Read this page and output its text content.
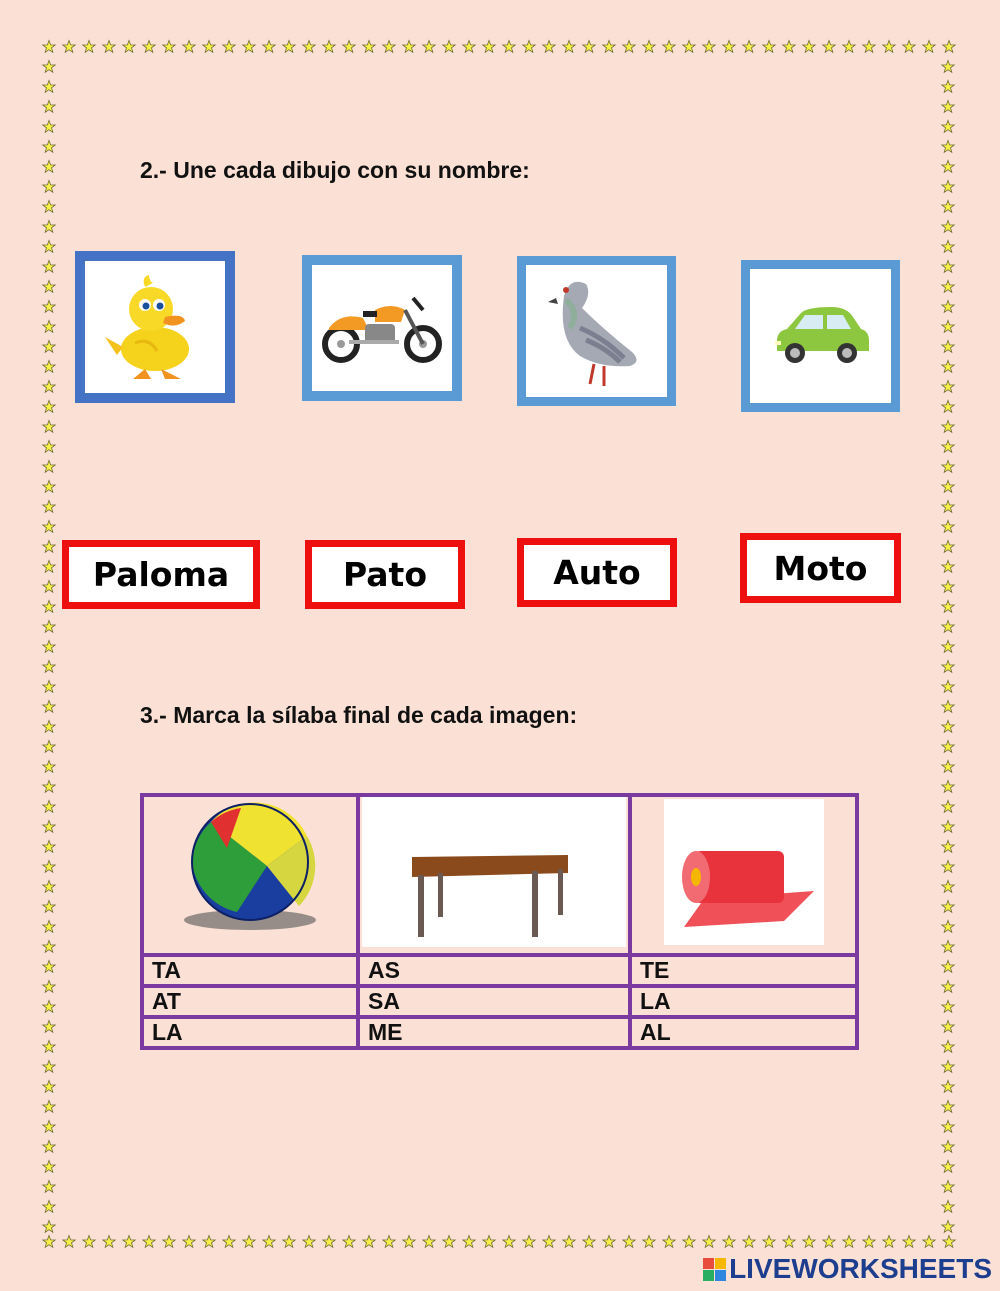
2.- Une cada dibujo con su nombre:
Paloma	Pato	Auto	Moto
3.- Marca la sílaba final de cada imagen:

TA	AS	TE
AT	SA	LA
LA	ME	AL
LIVEWORKSHEETS
